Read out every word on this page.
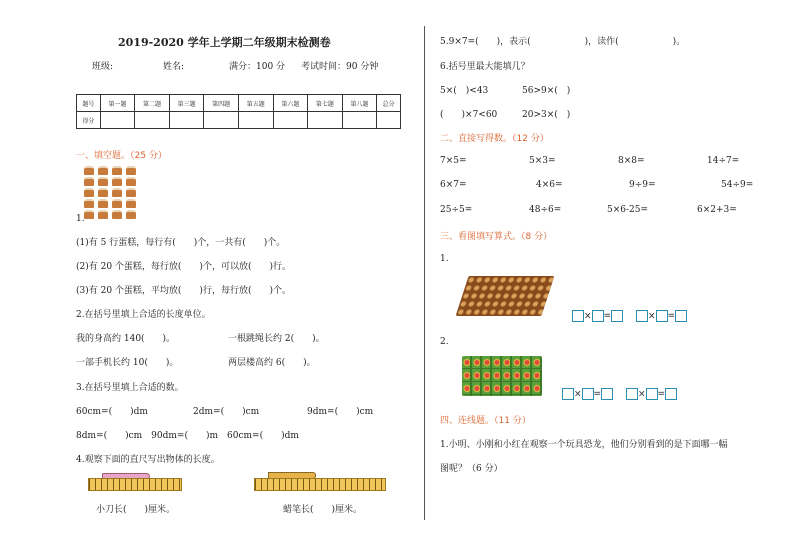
2019-2020 学年上学期二年级期末检测卷
班级:	姓名:	满分：100 分 考试时间：90 分钟
题号	第一题	第二题	第三题	第四题	第五题	第六题	第七题	第八题	总分
得分									
一、填空题。（25 分）
1.
(1)有 5 行蛋糕，每行有(　　)个，一共有(　　)个。
(2)有 20 个蛋糕，每行放(　　)个，可以放(　　)行。
(3)有 20 个蛋糕，平均放(　　)行，每行放(　　)个。
2.在括号里填上合适的长度单位。
我的身高约 140(　　)。	一根跳绳长约 2(　　)。
一部手机长约 10(　　)。	两层楼高约 6(　　)。
3.在括号里填上合适的数。
60cm=(　　)dm	2dm=(　　)cm	9dm=(　　)cm
8dm=(　　)cm　90dm=(　　)m　60cm=(　　)dm
4.观察下面的直尺写出物体的长度。
小刀长(　　)厘米。	蜡笔长(　　)厘米。
5.9×7=(　　)，表示(　　　　　　)，读作(　　　　　　)。
6.括号里最大能填几？
5×(　)<43	56>9×(　)
(　　)×7<60	20>3×(　)
二、直接写得数。（12 分）
7×5=	5×3=	8×8=	14÷7=
6×7=	4×6=	9÷9=	54÷9=
25÷5=	48÷6=	5×6-25=	6×2+3=
三、看图填写算式。（8 分）
1.
× =	× =
2.
× =	× =
四、连线题。（11 分）
1.小明、小刚和小红在观察一个玩具恐龙，他们分别看到的是下面哪一幅
图呢？（6 分）
